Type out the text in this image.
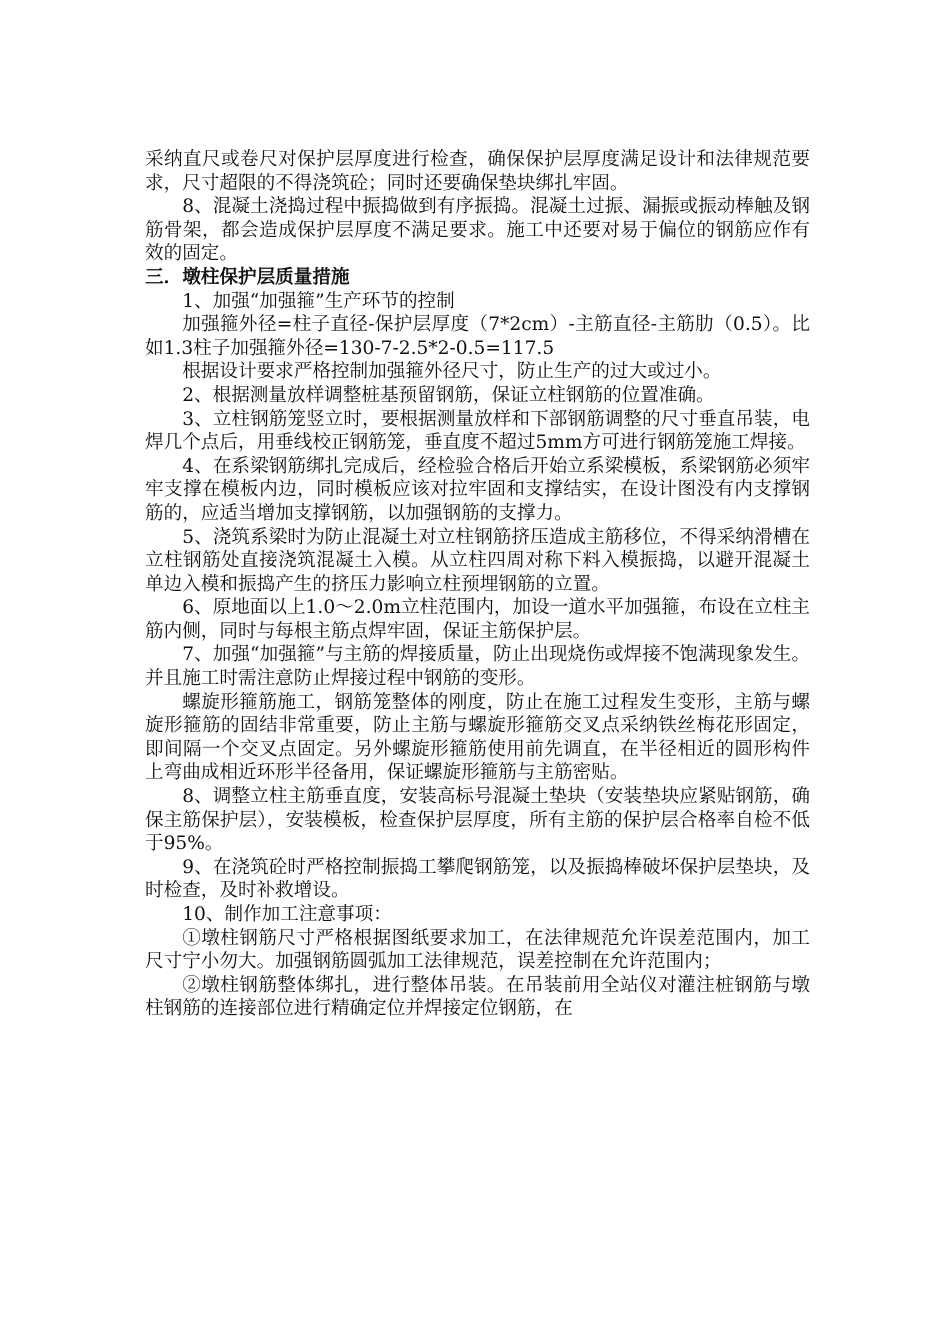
采纳直尺或卷尺对保护层厚度进行检查，确保保护层厚度满足设计和法律规范要求，尺寸超限的不得浇筑砼；同时还要确保垫块绑扎牢固。

8、混凝土浇捣过程中振捣做到有序振捣。混凝土过振、漏振或振动棒触及钢筋骨架，都会造成保护层厚度不满足要求。施工中还要对易于偏位的钢筋应作有效的固定。

三．墩柱保护层质量措施

1、加强“加强箍”生产环节的控制

加强箍外径=柱子直径-保护层厚度（7*2cm）-主筋直径-主筋肋（0.5）。比如1.3柱子加强箍外径=130-7-2.5*2-0.5=117.5

根据设计要求严格控制加强箍外径尺寸，防止生产的过大或过小。

2、根据测量放样调整桩基预留钢筋，保证立柱钢筋的位置准确。

3、立柱钢筋笼竖立时，要根据测量放样和下部钢筋调整的尺寸垂直吊装，电焊几个点后，用垂线校正钢筋笼，垂直度不超过5mm方可进行钢筋笼施工焊接。

4、在系梁钢筋绑扎完成后，经检验合格后开始立系梁模板，系梁钢筋必须牢牢支撑在模板内边，同时模板应该对拉牢固和支撑结实，在设计图没有内支撑钢筋的，应适当增加支撑钢筋，以加强钢筋的支撑力。

5、浇筑系梁时为防止混凝土对立柱钢筋挤压造成主筋移位，不得采纳滑槽在立柱钢筋处直接浇筑混凝土入模。从立柱四周对称下料入模振捣，以避开混凝土单边入模和振捣产生的挤压力影响立柱预埋钢筋的立置。

6、原地面以上1.0～2.0m立柱范围内，加设一道水平加强箍，布设在立柱主筋内侧，同时与每根主筋点焊牢固，保证主筋保护层。

7、加强“加强箍”与主筋的焊接质量，防止出现烧伤或焊接不饱满现象发生。并且施工时需注意防止焊接过程中钢筋的变形。

螺旋形箍筋施工，钢筋笼整体的刚度，防止在施工过程发生变形，主筋与螺旋形箍筋的固结非常重要，防止主筋与螺旋形箍筋交叉点采纳铁丝梅花形固定，即间隔一个交叉点固定。另外螺旋形箍筋使用前先调直，在半径相近的圆形构件上弯曲成相近环形半径备用，保证螺旋形箍筋与主筋密贴。

8、调整立柱主筋垂直度，安装高标号混凝土垫块（安装垫块应紧贴钢筋，确保主筋保护层），安装模板，检查保护层厚度，所有主筋的保护层合格率自检不低于95%。

9、在浇筑砼时严格控制振捣工攀爬钢筋笼，以及振捣棒破坏保护层垫块，及时检查，及时补救增设。

10、制作加工注意事项：

①墩柱钢筋尺寸严格根据图纸要求加工，在法律规范允许误差范围内，加工尺寸宁小勿大。加强钢筋圆弧加工法律规范，误差控制在允许范围内；

②墩柱钢筋整体绑扎，进行整体吊装。在吊装前用全站仪对灌注桩钢筋与墩柱钢筋的连接部位进行精确定位并焊接定位钢筋，在
